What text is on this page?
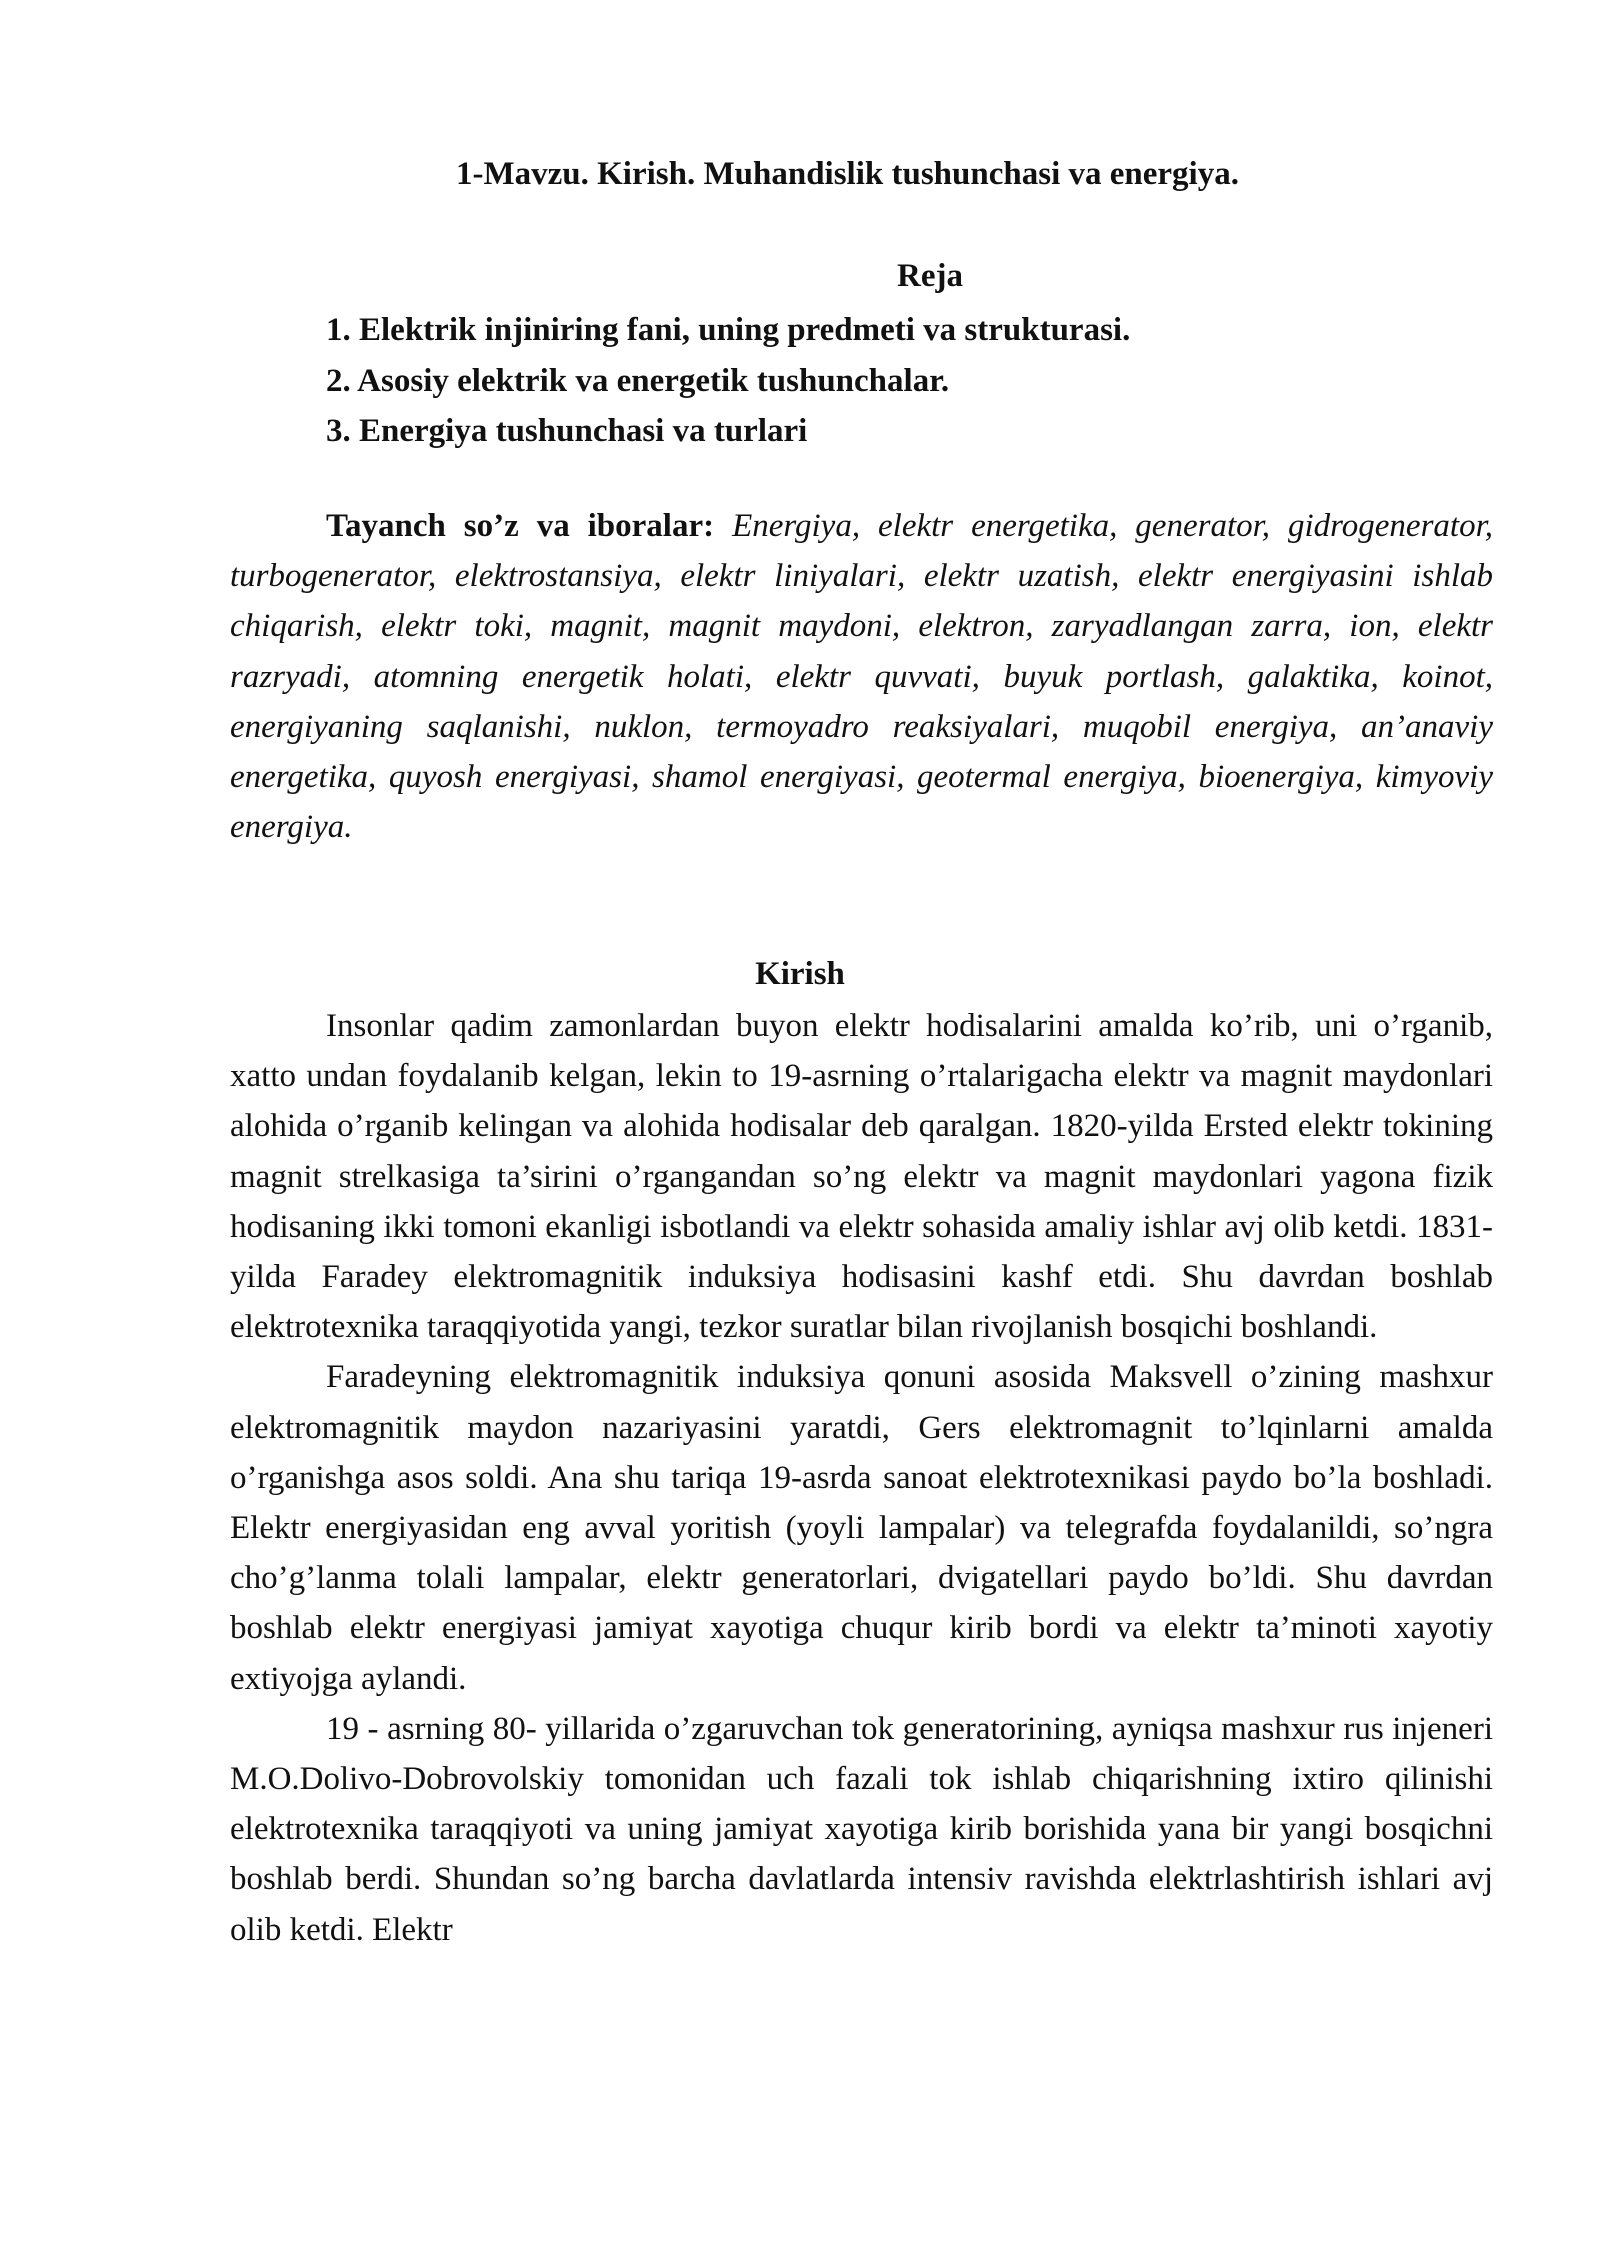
1-Mavzu. Kirish. Muhandislik tushunchasi va energiya.
Reja
1. Elektrik injiniring fani, uning predmeti va strukturasi.
2. Asosiy elektrik va energetik tushunchalar.
3. Energiya tushunchasi va turlari

Tayanch so’z va iboralar: Energiya, elektr energetika, generator, gidrogenerator, turbogenerator, elektrostansiya, elektr liniyalari, elektr uzatish, elektr energiyasini ishlab chiqarish, elektr toki, magnit, magnit maydoni, elektron, zaryadlangan zarra, ion, elektr razryadi, atomning energetik holati, elektr quvvati, buyuk portlash, galaktika, koinot, energiyaning saqlanishi, nuklon, termoyadro reaksiyalari, muqobil energiya, an’anaviy energetika, quyosh energiyasi, shamol energiyasi, geotermal energiya, bioenergiya, kimyoviy energiya.

Kirish

Insonlar qadim zamonlardan buyon elektr hodisalarini amalda ko’rib, uni o’rganib, xatto undan foydalanib kelgan, lekin to 19-asrning o’rtalarigacha elektr va magnit maydonlari alohida o’rganib kelingan va alohida hodisalar deb qaralgan. 1820-yilda Ersted elektr tokining magnit strelkasiga ta’sirini o’rgangandan so’ng elektr va magnit maydonlari yagona fizik hodisaning ikki tomoni ekanligi isbotlandi va elektr sohasida amaliy ishlar avj olib ketdi. 1831-yilda Faradey elektromagnitik induksiya hodisasini kashf etdi. Shu davrdan boshlab elektrotexnika taraqqiyotida yangi, tezkor suratlar bilan rivojlanish bosqichi boshlandi.

Faradeyning elektromagnitik induksiya qonuni asosida Maksvell o’zining mashxur elektromagnitik maydon nazariyasini yaratdi, Gers elektromagnit to’lqinlarni amalda o’rganishga asos soldi. Ana shu tariqa 19-asrda sanoat elektrotexnikasi paydo bo’la boshladi. Elektr energiyasidan eng avval yoritish (yoyli lampalar) va telegrafda foydalanildi, so’ngra cho’g’lanma tolali lampalar, elektr generatorlari, dvigatellari paydo bo’ldi. Shu davrdan boshlab elektr energiyasi jamiyat xayotiga chuqur kirib bordi va elektr ta’minoti xayotiy extiyojga aylandi.

19 - asrning 80- yillarida o’zgaruvchan tok generatorining, ayniqsa mashxur rus injeneri M.O.Dolivo-Dobrovolskiy tomonidan uch fazali tok ishlab chiqarishning ixtiro qilinishi elektrotexnika taraqqiyoti va uning jamiyat xayotiga kirib borishida yana bir yangi bosqichni boshlab berdi. Shundan so’ng barcha davlatlarda intensiv ravishda elektrlashtirish ishlari avj olib ketdi. Elektr
